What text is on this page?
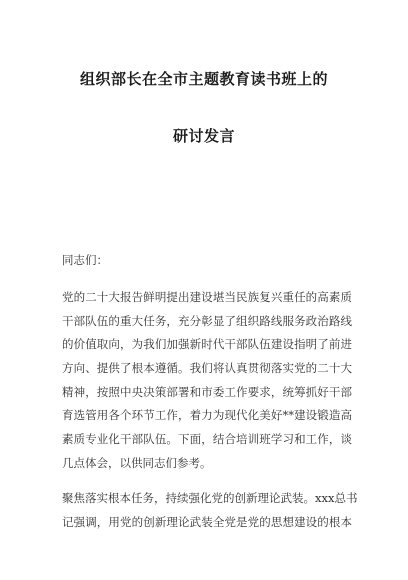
组织部长在全市主题教育读书班上的
研讨发言
同志们：
党的二十大报告鲜明提出建设堪当民族复兴重任的高素质
干部队伍的重大任务，充分彰显了组织路线服务政治路线
的价值取向，为我们加强新时代干部队伍建设指明了前进
方向、提供了根本遵循。我们将认真贯彻落实党的二十大
精神，按照中央决策部署和市委工作要求，统筹抓好干部
育选管用各个环节工作，着力为现代化美好**建设锻造高
素质专业化干部队伍。下面，结合培训班学习和工作，谈
几点体会，以供同志们参考。
聚焦落实根本任务，持续强化党的创新理论武装。xxx总书
记强调，用党的创新理论武装全党是党的思想建设的根本
